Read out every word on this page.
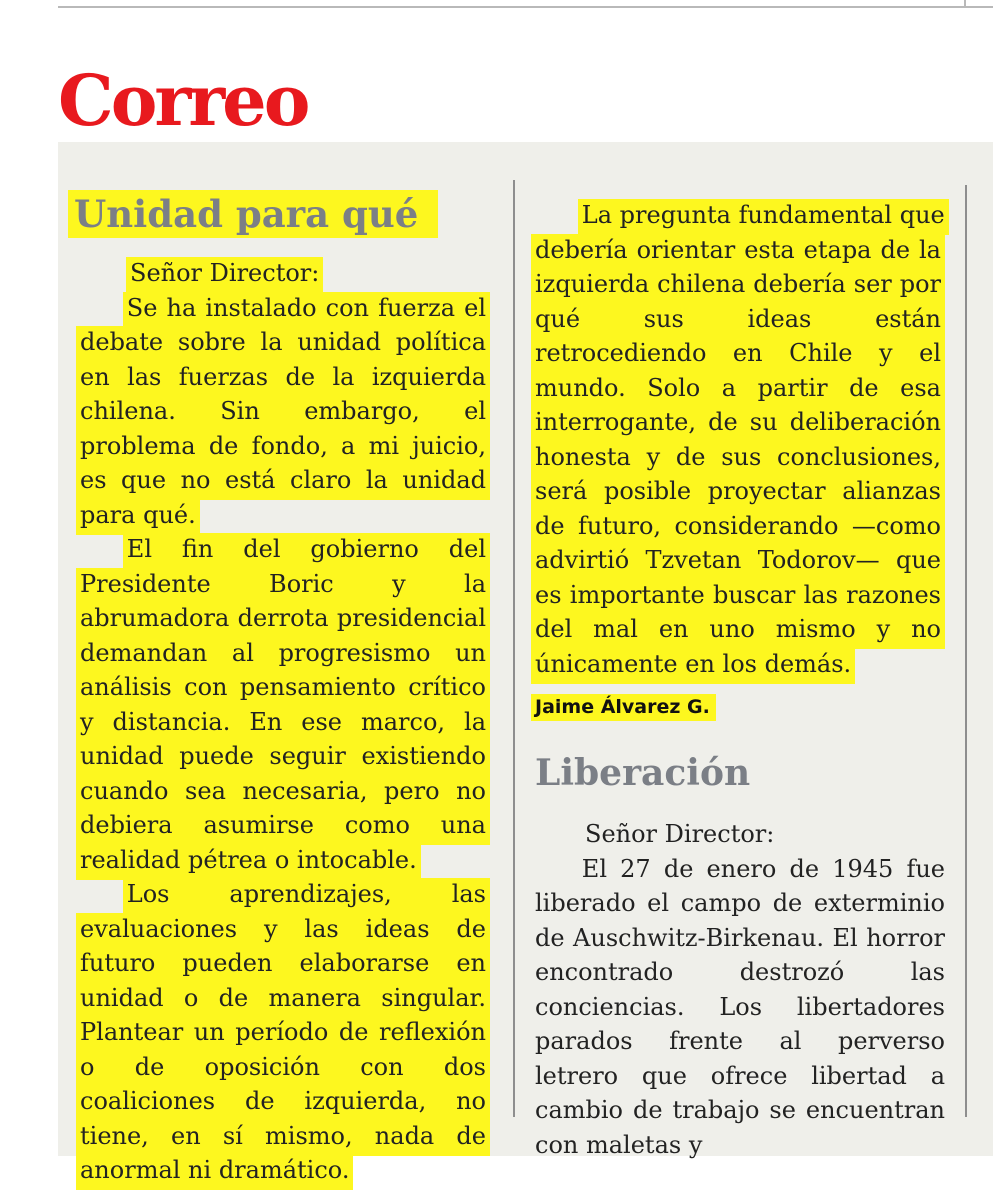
Correo
Unidad para qué

Señor Director:

Se ha instalado con fuerza el debate sobre la unidad política en las fuerzas de la izquierda chilena. Sin embargo, el problema de fondo, a mi juicio, es que no está claro la unidad para qué.

El fin del gobierno del Presidente Boric y la abrumadora derrota presidencial demandan al progresismo un análisis con pensamiento crítico y distancia. En ese marco, la unidad puede seguir existiendo cuando sea necesaria, pero no debiera asumirse como una realidad pétrea o intocable.

Los aprendizajes, las evaluaciones y las ideas de futuro pueden elaborarse en unidad o de manera singular. Plantear un período de reflexión o de oposición con dos coaliciones de izquierda, no tiene, en sí mismo, nada de anormal ni dramático.

La pregunta fundamental que debería orientar esta etapa de la izquierda chilena debería ser por qué sus ideas están retrocediendo en Chile y el mundo. Solo a partir de esa interrogante, de su deliberación honesta y de sus conclusiones, será posible proyectar alianzas de futuro, considerando —como advirtió Tzvetan Todorov— que es importante buscar las razones del mal en uno mismo y no únicamente en los demás.

Jaime Álvarez G.

Liberación

Señor Director:

El 27 de enero de 1945 fue liberado el campo de exterminio de Auschwitz-Birkenau. El horror encontrado destrozó las conciencias. Los libertadores parados frente al perverso letrero que ofrece libertad a cambio de trabajo se encuentran con maletas y
